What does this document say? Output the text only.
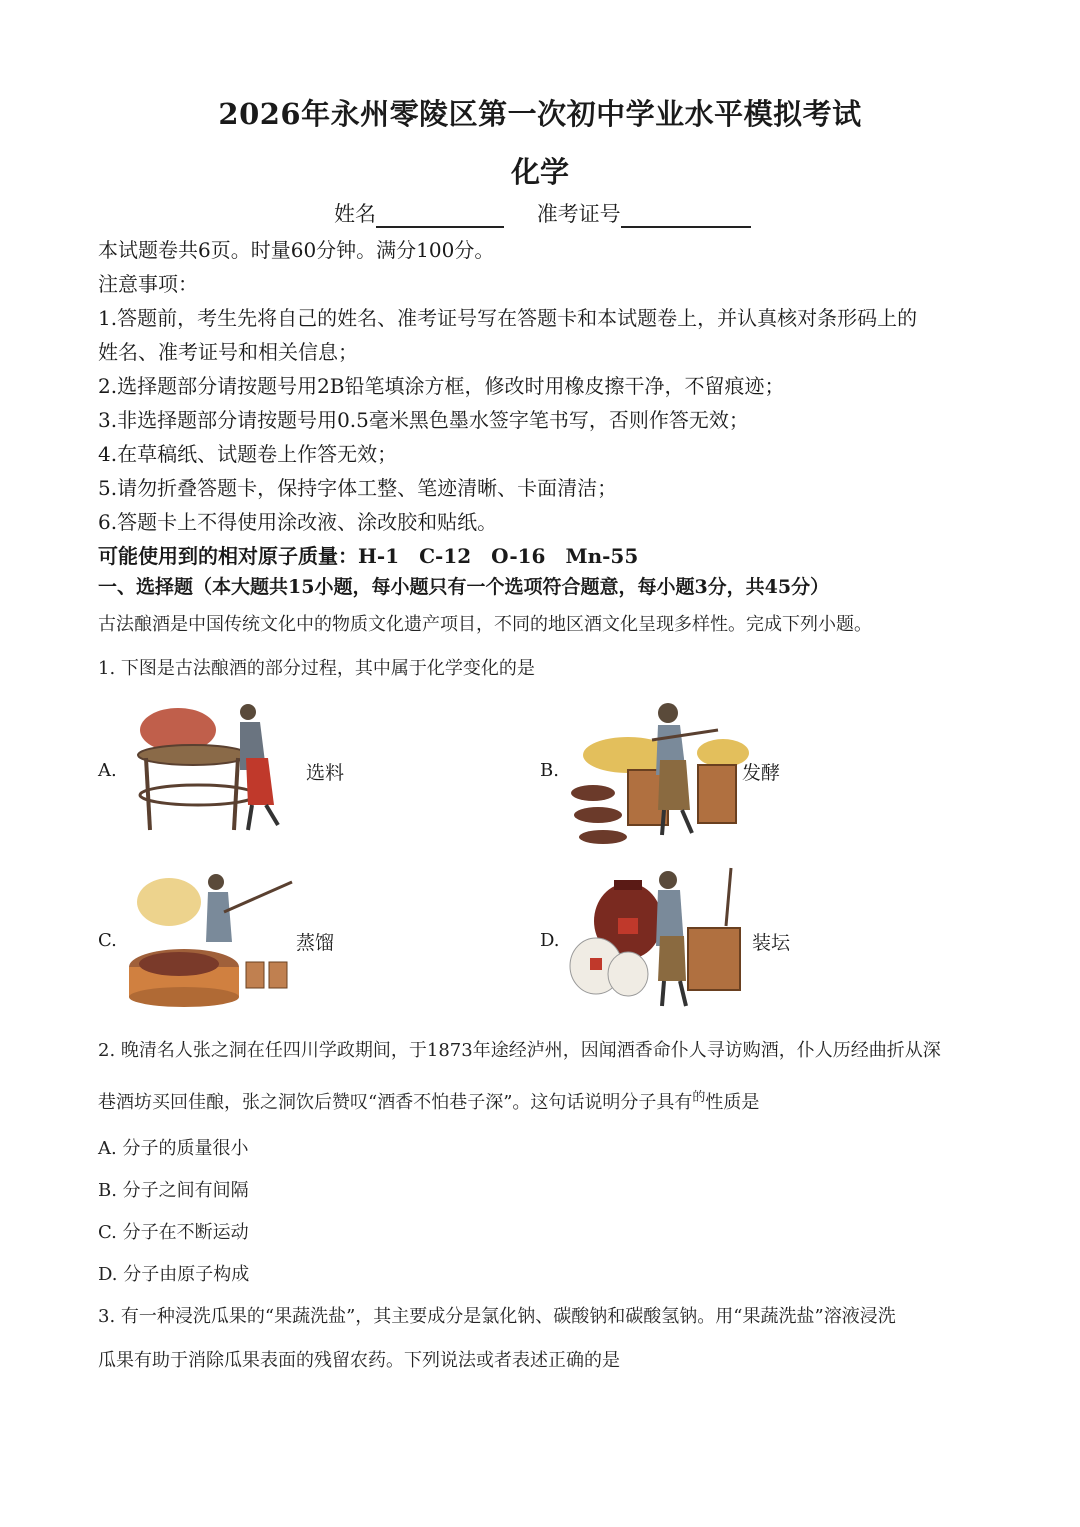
2026年永州零陵区第一次初中学业水平模拟考试
化学
姓名	准考证号
本试题卷共6页。时量60分钟。满分100分。
注意事项：
1.答题前，考生先将自己的姓名、准考证号写在答题卡和本试题卷上，并认真核对条形码上的
姓名、准考证号和相关信息；
2.选择题部分请按题号用2B铅笔填涂方框，修改时用橡皮擦干净，不留痕迹；
3.非选择题部分请按题号用0.5毫米黑色墨水签字笔书写，否则作答无效；
4.在草稿纸、试题卷上作答无效；
5.请勿折叠答题卡，保持字体工整、笔迹清晰、卡面清洁；
6.答题卡上不得使用涂改液、涂改胶和贴纸。
可能使用到的相对原子质量：H-1　C-12　O-16　Mn-55
一、选择题（本大题共15小题，每小题只有一个选项符合题意，每小题3分，共45分）
古法酿酒是中国传统文化中的物质文化遗产项目，不同的地区酒文化呈现多样性。完成下列小题。
1. 下图是古法酿酒的部分过程，其中属于化学变化的是
A.	选料	B.	发酵
C.	蒸馏	D.	装坛
2. 晚清名人张之洞在任四川学政期间，于1873年途经泸州，因闻酒香命仆人寻访购酒，仆人历经曲折从深
巷酒坊买回佳酿，张之洞饮后赞叹“酒香不怕巷子深”。这句话说明分子具有$^的$性质是
A. 分子的质量很小
B. 分子之间有间隔
C. 分子在不断运动
D. 分子由原子构成
3. 有一种浸洗瓜果的“果蔬洗盐”，其主要成分是氯化钠、碳酸钠和碳酸氢钠。用“果蔬洗盐”溶液浸洗
瓜果有助于消除瓜果表面的残留农药。下列说法或者表述正确的是
